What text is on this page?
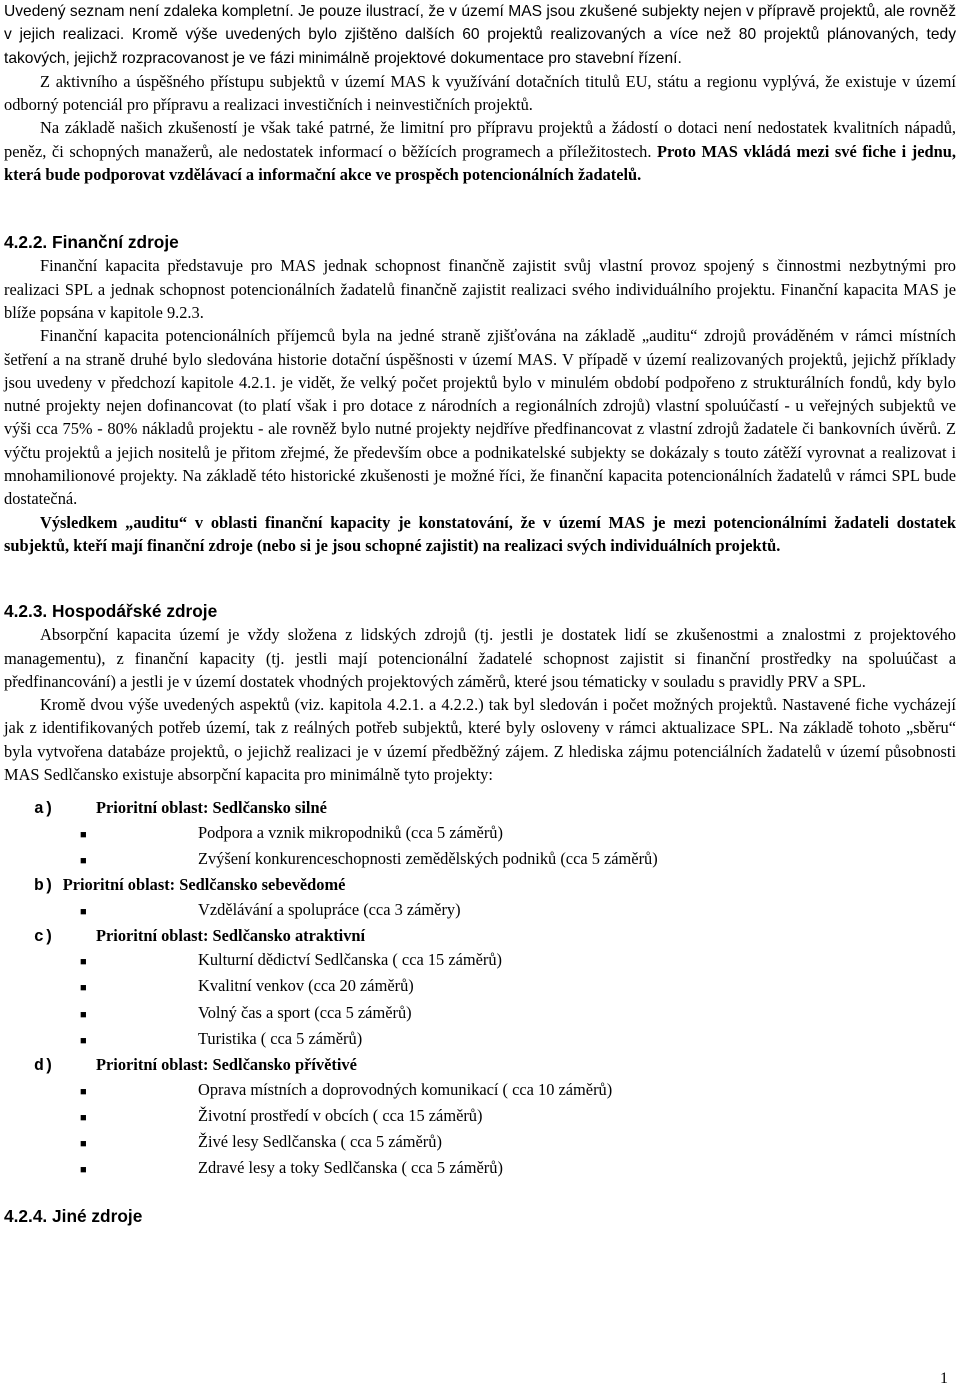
Uvedený seznam není zdaleka kompletní. Je pouze ilustrací, že v území MAS jsou zkušené subjekty nejen v přípravě projektů, ale rovněž v jejich realizaci. Kromě výše uvedených bylo zjištěno dalších 60 projektů realizovaných a více než 80 projektů plánovaných, tedy takových, jejichž rozpracovanost je ve fázi minimálně projektové dokumentace pro stavební řízení.

Z aktivního a úspěšného přístupu subjektů v území MAS k využívání dotačních titulů EU, státu a regionu vyplývá, že existuje v území odborný potenciál pro přípravu a realizaci investičních i neinvestičních projektů.

Na základě našich zkušeností je však také patrné, že limitní pro přípravu projektů a žádostí o dotaci není nedostatek kvalitních nápadů, peněz, či schopných manažerů, ale nedostatek informací o běžících programech a příležitostech. Proto MAS vkládá mezi své fiche i jednu, která bude podporovat vzdělávací a informační akce ve prospěch potencionálních žadatelů.

4.2.2. Finanční zdroje

Finanční kapacita představuje pro MAS jednak schopnost finančně zajistit svůj vlastní provoz spojený s činnostmi nezbytnými pro realizaci SPL a jednak schopnost potencionálních žadatelů finančně zajistit realizaci svého individuálního projektu. Finanční kapacita MAS je blíže popsána v kapitole 9.2.3.

Finanční kapacita potencionálních příjemců byla na jedné straně zjišťována na základě „auditu“ zdrojů prováděném v rámci místních šetření a na straně druhé bylo sledována historie dotační úspěšnosti v území MAS. V případě v území realizovaných projektů, jejichž příklady jsou uvedeny v předchozí kapitole 4.2.1. je vidět, že velký počet projektů bylo v minulém období podpořeno z strukturálních fondů, kdy bylo nutné projekty nejen dofinancovat (to platí však i pro dotace z národních a regionálních zdrojů) vlastní spoluúčastí - u veřejných subjektů ve výši cca 75% - 80% nákladů projektu - ale rovněž bylo nutné projekty nejdříve předfinancovat z vlastní zdrojů žadatele či bankovních úvěrů. Z výčtu projektů a jejich nositelů je přitom zřejmé, že především obce a podnikatelské subjekty se dokázaly s touto zátěží vyrovnat a realizovat i mnohamilionové projekty. Na základě této historické zkušenosti je možné říci, že finanční kapacita potencionálních žadatelů v rámci SPL bude dostatečná.

Výsledkem „auditu“ v oblasti finanční kapacity je konstatování, že v území MAS je mezi potencionálními žadateli dostatek subjektů, kteří mají finanční zdroje (nebo si je jsou schopné zajistit) na realizaci svých individuálních projektů.

4.2.3. Hospodářské zdroje

Absorpční kapacita území je vždy složena z lidských zdrojů (tj. jestli je dostatek lidí se zkušenostmi a znalostmi z projektového managementu), z finanční kapacity (tj. jestli mají potencionální žadatelé schopnost zajistit si finanční prostředky na spoluúčast a předfinancování) a jestli je v území dostatek vhodných projektových záměrů, které jsou tématicky v souladu s pravidly PRV a SPL.

Kromě dvou výše uvedených aspektů (viz. kapitola 4.2.1. a 4.2.2.) tak byl sledován i počet možných projektů. Nastavené fiche vycházejí jak z identifikovaných potřeb území, tak z reálných potřeb subjektů, které byly osloveny v rámci aktualizace SPL. Na základě tohoto „sběru“ byla vytvořena databáze projektů, o jejichž realizaci je v území předběžný zájem. Z hlediska zájmu potenciálních žadatelů v území působnosti MAS Sedlčansko existuje absorpční kapacita pro minimálně tyto projekty:

a)	Prioritní oblast: Sedlčansko silné
■	Podpora a vznik mikropodniků (cca 5 záměrů)
■	Zvýšení konkurenceschopnosti zemědělských podniků (cca 5 záměrů)
b) Prioritní oblast: Sedlčansko sebevědomé
■	Vzdělávání a spolupráce (cca 3 záměry)
c)	Prioritní oblast: Sedlčansko atraktivní
■	Kulturní dědictví Sedlčanska ( cca 15 záměrů)
■	Kvalitní venkov (cca 20 záměrů)
■	Volný čas a sport (cca 5 záměrů)
■	Turistika ( cca 5 záměrů)
d)	Prioritní oblast: Sedlčansko přívětivé
■	Oprava místních a doprovodných komunikací ( cca 10 záměrů)
■	Životní prostředí v obcích ( cca 15 záměrů)
■	Živé lesy Sedlčanska ( cca 5 záměrů)
■	Zdravé lesy a toky Sedlčanska ( cca 5 záměrů)
4.2.4. Jiné zdroje
1
